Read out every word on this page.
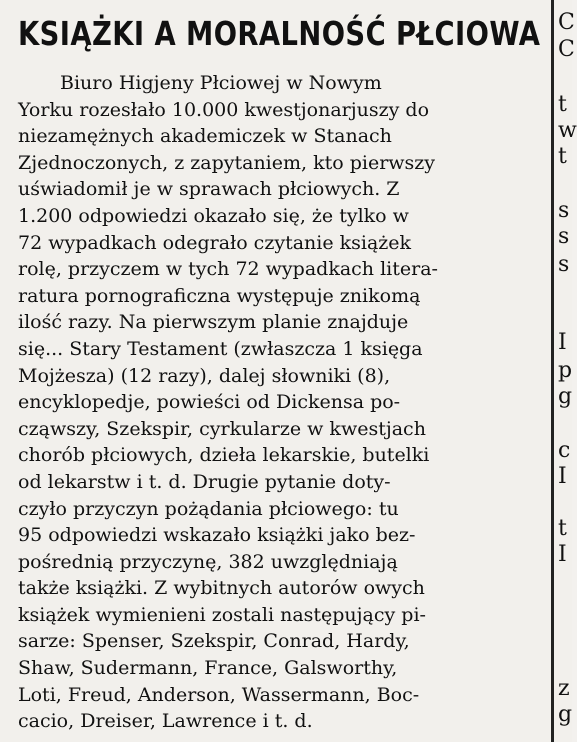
KSIĄŻKI A MORALNOŚĆ PŁCIOWA
Biuro Higjeny Płciowej w Nowym
Yorku rozesłało 10.000 kwestjonarjuszy do
niezamężnych akademiczek w Stanach
Zjednoczonych, z zapytaniem, kto pierwszy
uświadomił je w sprawach płciowych. Z
1.200 odpowiedzi okazało się, że tylko w
72 wypadkach odegrało czytanie książek
rolę, przyczem w tych 72 wypadkach litera-
ratura pornograficzna występuje znikomą
ilość razy. Na pierwszym planie znajduje
się... Stary Testament (zwłaszcza 1 księga
Mojżesza) (12 razy), dalej słowniki (8),
encyklopedje, powieści od Dickensa po-
cząwszy, Szekspir, cyrkularze w kwestjach
chorób płciowych, dzieła lekarskie, butelki
od lekarstw i t. d. Drugie pytanie doty-
czyło przyczyn pożądania płciowego: tu
95 odpowiedzi wskazało książki jako bez-
pośrednią przyczynę, 382 uwzględniają
także książki. Z wybitnych autorów owych
książek wymienieni zostali następujący pi-
sarze: Spenser, Szekspir, Conrad, Hardy,
Shaw, Sudermann, France, Galsworthy,
Loti, Freud, Anderson, Wassermann, Boc-
cacio, Dreiser, Lawrence i t. d.
C
C
t
w
t
s
s
s
I
p
g
c
I
t
I
z
g
